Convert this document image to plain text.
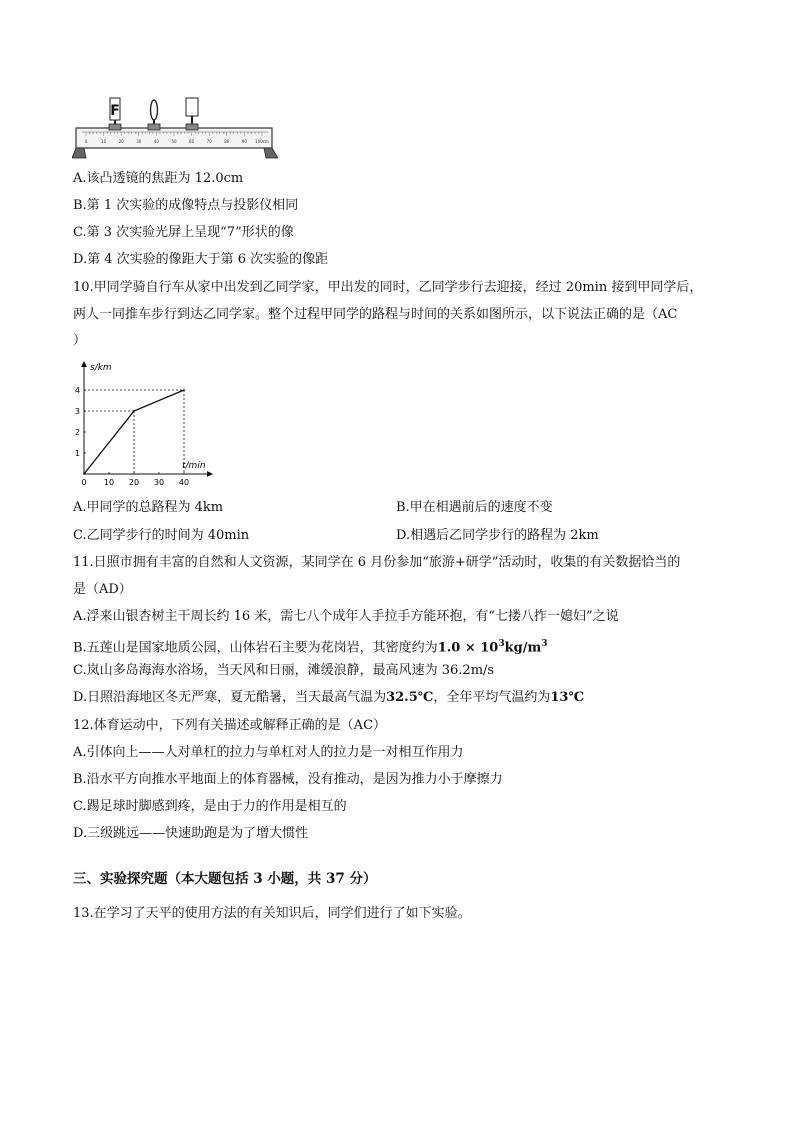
0	10	20	30	40	50	60	70	80	90 100cm
F
A.该凸透镜的焦距为 12.0cm
B.第 1 次实验的成像特点与投影仪相同
C.第 3 次实验光屏上呈现“7”形状的像
D.第 4 次实验的像距大于第 6 次实验的像距
10.甲同学骑自行车从家中出发到乙同学家，甲出发的同时，乙同学步行去迎接，经过 20min 接到甲同学后，
两人一同推车步行到达乙同学家。整个过程甲同学的路程与时间的关系如图所示，以下说法正确的是（AC
）
s/km
t/min
0 10 20 30 40
1
2
3
4
A.甲同学的总路程为 4km	B.甲在相遇前后的速度不变
C.乙同学步行的时间为 40min	D.相遇后乙同学步行的路程为 2km
11.日照市拥有丰富的自然和人文资源，某同学在 6 月份参加“旅游+研学”活动时，收集的有关数据恰当的
是（AD）
A.浮来山银杏树主干周长约 16 米，需七八个成年人手拉手方能环抱，有“七搂八拃一媳妇”之说
B.五莲山是国家地质公园，山体岩石主要为花岗岩，其密度约为$1.0 \times 10^3kg/m^3$
C.岚山多岛海海水浴场，当天风和日丽，滩缓浪静，最高风速为 36.2m/s
D.日照沿海地区冬无严寒，夏无酷暑，当天最高气温为32.5℃，全年平均气温约为13℃
12.体育运动中，下列有关描述或解释正确的是（AC）
A.引体向上——人对单杠的拉力与单杠对人的拉力是一对相互作用力
B.沿水平方向推水平地面上的体育器械，没有推动，是因为推力小于摩擦力
C.踢足球时脚感到疼，是由于力的作用是相互的
D.三级跳远——快速助跑是为了增大惯性
三、实验探究题（本大题包括 3 小题，共 37 分）
13.在学习了天平的使用方法的有关知识后，同学们进行了如下实验。
